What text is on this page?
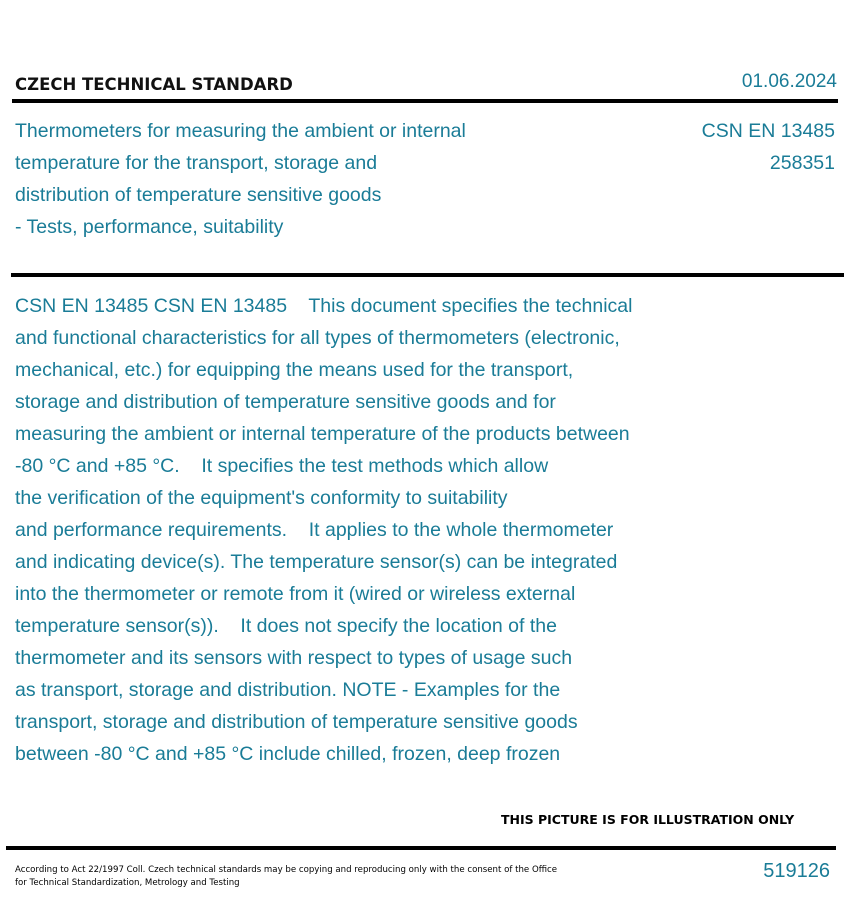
CZECH TECHNICAL STANDARD	01.06.2024
Thermometers for measuring the ambient or internal
temperature for the transport, storage and
distribution of temperature sensitive goods
- Tests, performance, suitability
CSN EN 13485
258351
CSN EN 13485 CSN EN 13485    This document specifies the technical
and functional characteristics for all types of thermometers (electronic,
mechanical, etc.) for equipping the means used for the transport,
storage and distribution of temperature sensitive goods and for
measuring the ambient or internal temperature of the products between
-80 °C and +85 °C.    It specifies the test methods which allow
the verification of the equipment's conformity to suitability
and performance requirements.    It applies to the whole thermometer
and indicating device(s). The temperature sensor(s) can be integrated
into the thermometer or remote from it (wired or wireless external
temperature sensor(s)).    It does not specify the location of the
thermometer and its sensors with respect to types of usage such
as transport, storage and distribution. NOTE - Examples for the
transport, storage and distribution of temperature sensitive goods
between -80 °C and +85 °C include chilled, frozen, deep frozen
THIS PICTURE IS FOR ILLUSTRATION ONLY
According to Act 22/1997 Coll. Czech technical standards may be copying and reproducing only with the consent of the Office
for Technical Standardization, Metrology and Testing
519126
